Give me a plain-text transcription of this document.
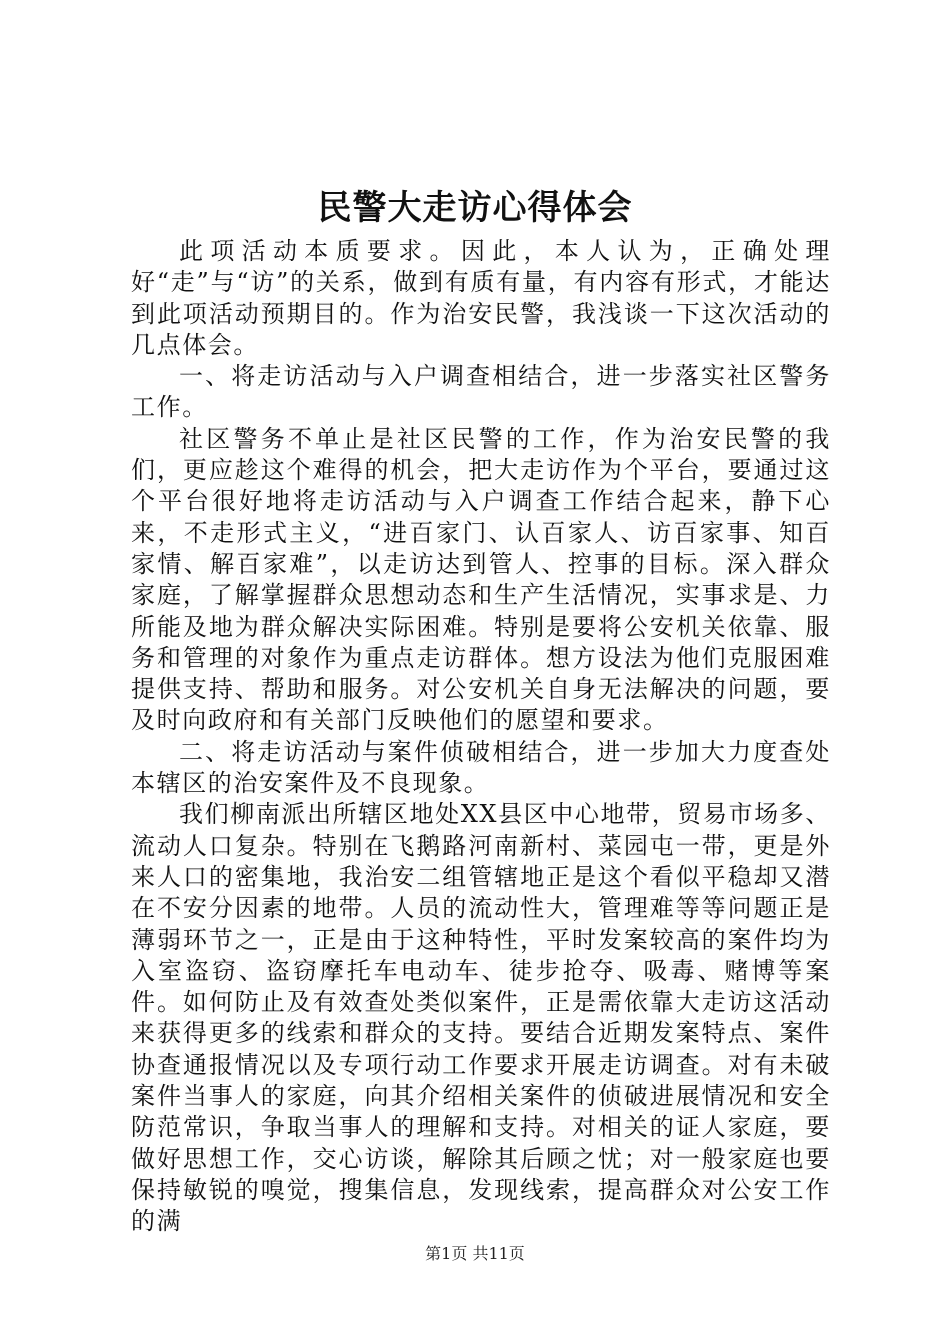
民警大走访心得体会

此项活动本质要求。因此，本人认为，正确处理好“走”与“访”的关系，做到有质有量，有内容有形式，才能达到此项活动预期目的。作为治安民警，我浅谈一下这次活动的几点体会。

一、将走访活动与入户调查相结合，进一步落实社区警务工作。

社区警务不单止是社区民警的工作，作为治安民警的我们，更应趁这个难得的机会，把大走访作为个平台，要通过这个平台很好地将走访活动与入户调查工作结合起来，静下心来，不走形式主义，“进百家门、认百家人、访百家事、知百家情、解百家难”，以走访达到管人、控事的目标。深入群众家庭，了解掌握群众思想动态和生产生活情况，实事求是、力所能及地为群众解决实际困难。特别是要将公安机关依靠、服务和管理的对象作为重点走访群体。想方设法为他们克服困难提供支持、帮助和服务。对公安机关自身无法解决的问题，要及时向政府和有关部门反映他们的愿望和要求。

二、将走访活动与案件侦破相结合，进一步加大力度查处本辖区的治安案件及不良现象。

我们柳南派出所辖区地处XX县区中心地带，贸易市场多、流动人口复杂。特别在飞鹅路河南新村、菜园屯一带，更是外来人口的密集地，我治安二组管辖地正是这个看似平稳却又潜在不安分因素的地带。人员的流动性大，管理难等等问题正是薄弱环节之一，正是由于这种特性，平时发案较高的案件均为入室盗窃、盗窃摩托车电动车、徒步抢夺、吸毒、赌博等案件。如何防止及有效查处类似案件，正是需依靠大走访这活动来获得更多的线索和群众的支持。要结合近期发案特点、案件协查通报情况以及专项行动工作要求开展走访调查。对有未破案件当事人的家庭，向其介绍相关案件的侦破进展情况和安全防范常识，争取当事人的理解和支持。对相关的证人家庭，要做好思想工作，交心访谈，解除其后顾之忧；对一般家庭也要保持敏锐的嗅觉，搜集信息，发现线索，提高群众对公安工作的满

第1页 共11页
